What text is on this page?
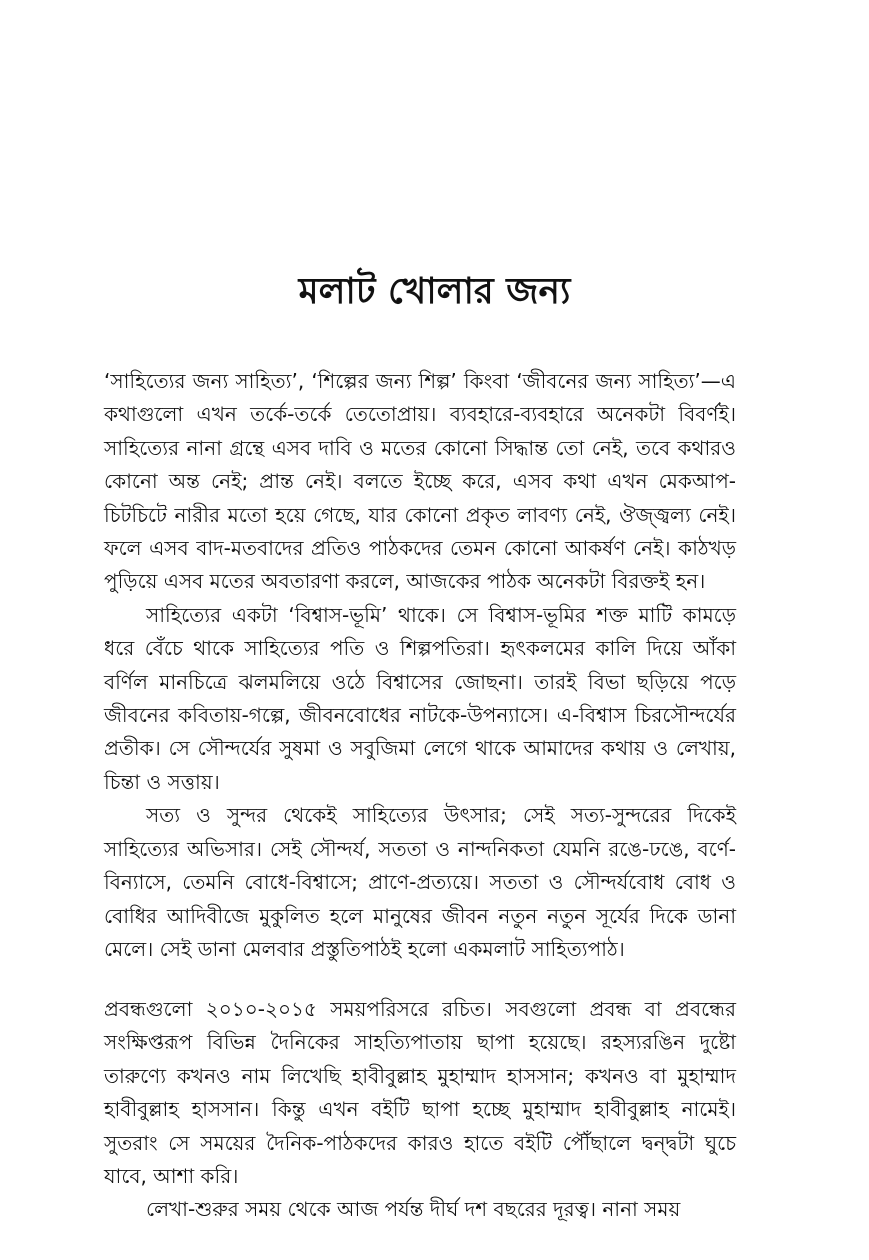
মলাট খোলার জন্য

‘সাহিত্যের জন্য সাহিত্য’, ‘শিল্পের জন্য শিল্প’ কিংবা ‘জীবনের জন্য সাহিত্য’—এ কথাগুলো এখন তর্কে-তর্কে তেতোপ্রায়। ব্যবহারে-ব্যবহারে অনেকটা বিবর্ণই। সাহিত্যের নানা গ্রন্থে এসব দাবি ও মতের কোনো সিদ্ধান্ত তো নেই, তবে কথারও কোনো অন্ত নেই; প্রান্ত নেই। বলতে ইচ্ছে করে, এসব কথা এখন মেকআপ-চিটচিটে নারীর মতো হয়ে গেছে, যার কোনো প্রকৃত লাবণ্য নেই, ঔজ্জ্বল্য নেই। ফলে এসব বাদ-মতবাদের প্রতিও পাঠকদের তেমন কোনো আকর্ষণ নেই। কাঠখড় পুড়িয়ে এসব মতের অবতারণা করলে, আজকের পাঠক অনেকটা বিরক্তই হন।

সাহিত্যের একটা ‘বিশ্বাস-ভূমি’ থাকে। সে বিশ্বাস-ভূমির শক্ত মাটি কামড়ে ধরে বেঁচে থাকে সাহিত্যের পতি ও শিল্পপতিরা। হৃৎকলমের কালি দিয়ে আঁকা বর্ণিল মানচিত্রে ঝলমলিয়ে ওঠে বিশ্বাসের জোছনা। তারই বিভা ছড়িয়ে পড়ে জীবনের কবিতায়-গল্পে, জীবনবোধের নাটকে-উপন্যাসে। এ-বিশ্বাস চিরসৌন্দর্যের প্রতীক। সে সৌন্দর্যের সুষমা ও সবুজিমা লেগে থাকে আমাদের কথায় ও লেখায়, চিন্তা ও সত্তায়।

সত্য ও সুন্দর থেকেই সাহিত্যের উৎসার; সেই সত্য-সুন্দরের দিকেই সাহিত্যের অভিসার। সেই সৌন্দর্য, সততা ও নান্দনিকতা যেমনি রঙে-ঢঙে, বর্ণে-বিন্যাসে, তেমনি বোধে-বিশ্বাসে; প্রাণে-প্রত্যয়ে। সততা ও সৌন্দর্যবোধ বোধ ও বোধির আদিবীজে মুকুলিত হলে মানুষের জীবন নতুন নতুন সূর্যের দিকে ডানা মেলে। সেই ডানা মেলবার প্রস্তুতিপাঠই হলো একমলাট সাহিত্যপাঠ।

প্রবন্ধগুলো ২০১০-২০১৫ সময়পরিসরে রচিত। সবগুলো প্রবন্ধ বা প্রবন্ধের সংক্ষিপ্তরূপ বিভিন্ন দৈনিকের সাহত্যিপাতায় ছাপা হয়েছে। রহস্যরঙিন দুষ্টো তারুণ্যে কখনও নাম লিখেছি হাবীবুল্লাহ মুহাম্মাদ হাসসান; কখনও বা মুহাম্মাদ হাবীবুল্লাহ হাসসান। কিন্তু এখন বইটি ছাপা হচ্ছে মুহাম্মাদ হাবীবুল্লাহ নামেই। সুতরাং সে সময়ের দৈনিক-পাঠকদের কারও হাতে বইটি পৌঁছালে দ্বন্দ্বটা ঘুচে যাবে, আশা করি।

লেখা-শুরুর সময় থেকে আজ পর্যন্ত দীর্ঘ দশ বছরের দূরত্ব। নানা সময়
